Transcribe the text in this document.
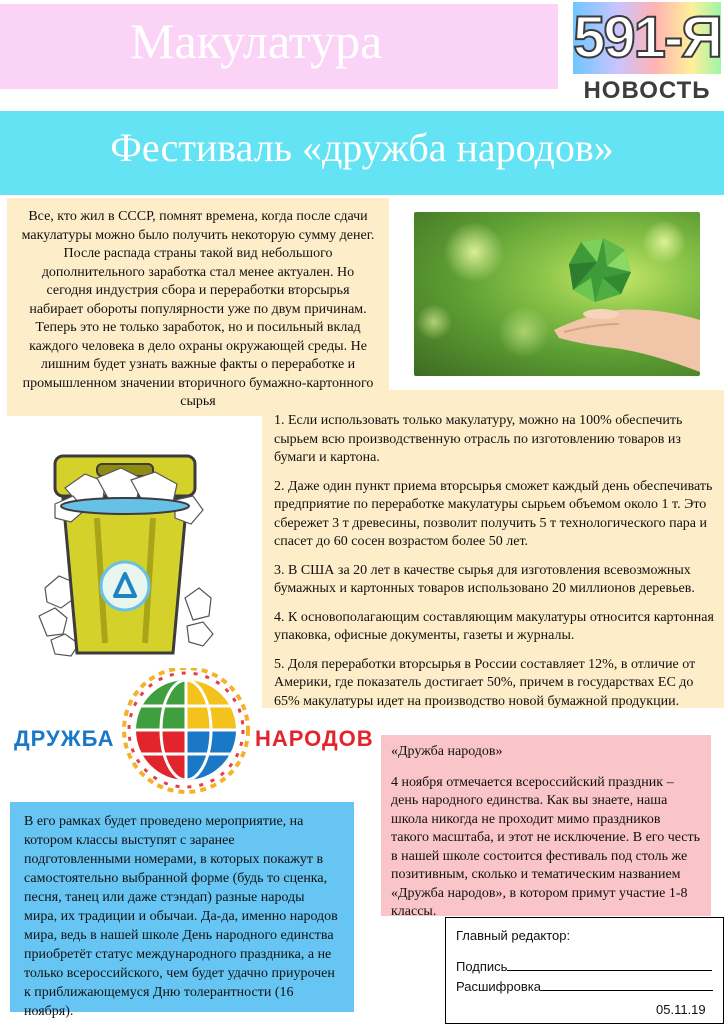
Макулатура	591-Я
НОВОСТЬ
Фестиваль «дружба народов»
Все, кто жил в СССР, помнят времена, когда после сдачи макулатуры можно было получить некоторую сумму денег. После распада страны такой вид небольшого дополнительного заработка стал менее актуален. Но сегодня индустрия сбора и переработки вторсырья набирает обороты популярности уже по двум причинам. Теперь это не только заработок, но и посильный вклад каждого человека в дело охраны окружающей среды. Не лишним будет узнать важные факты о переработке и промышленном значении вторичного бумажно-картонного сырья
1. Если использовать только макулатуру, можно на 100% обеспечить сырьем всю производственную отрасль по изготовлению товаров из бумаги и картона.
2. Даже один пункт приема вторсырья сможет каждый день обеспечивать предприятие по переработке макулатуры сырьем объемом около 1 т. Это сбережет 3 т древесины, позволит получить 5 т технологического пара и спасет до 60 сосен возрастом более 50 лет.
3. В США за 20 лет в качестве сырья для изготовления всевозможных бумажных и картонных товаров использовано 20 миллионов деревьев.
4. К основополагающим составляющим макулатуры относится картонная упаковка, офисные документы, газеты и журналы.
5. Доля переработки вторсырья в России составляет 12%, в отличие от Америки, где показатель достигает 50%, причем в государствах ЕС до 65% макулатуры идет на производство новой бумажной продукции.
ДРУЖБА	НАРОДОВ
В его рамках будет проведено мероприятие, на котором классы выступят с заранее подготовленными номерами, в которых покажут в самостоятельно выбранной форме (будь то сценка, песня, танец или даже стэндап) разные народы мира, их традиции и обычаи. Да-да, именно народов мира, ведь в нашей школе День народного единства приобретёт статус международного праздника, а не только всероссийского, чем будет удачно приурочен к приближающемуся Дню толерантности (16 ноября).
«Дружба народов»
4 ноября отмечается всероссийский праздник – день народного единства. Как вы знаете, наша школа никогда не проходит мимо праздников такого масштаба, и этот не исключение. В его честь в нашей школе состоится фестиваль под столь же позитивным, сколько и тематическим названием «Дружба народов», в котором примут участие 1-8 классы.
Главный редактор:
Подпись
Расшифровка
05.11.19
